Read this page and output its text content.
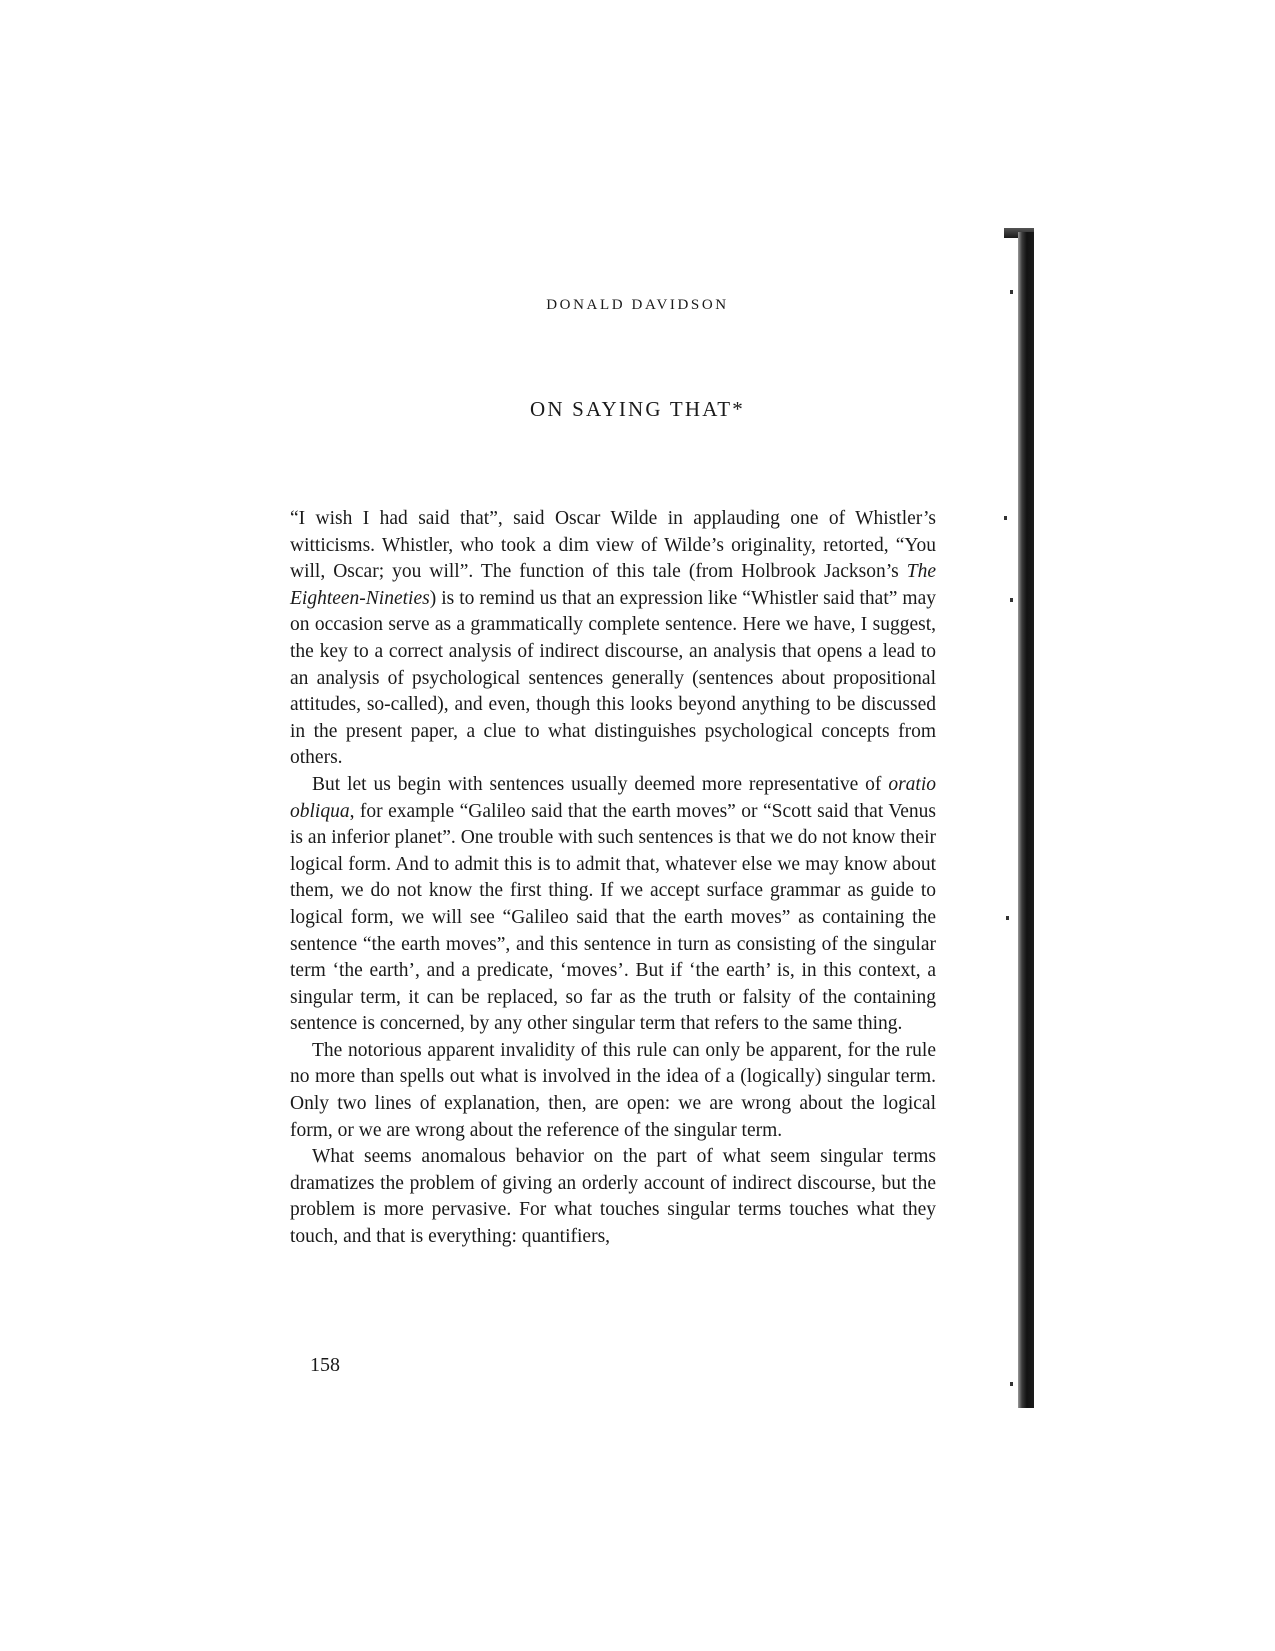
DONALD DAVIDSON
ON SAYING THAT*

“I wish I had said that”, said Oscar Wilde in applauding one of Whistler’s witticisms. Whistler, who took a dim view of Wilde’s originality, retorted, “You will, Oscar; you will”. The function of this tale (from Holbrook Jackson’s The Eighteen-Nineties) is to remind us that an expression like “Whistler said that” may on occasion serve as a grammatically complete sentence. Here we have, I suggest, the key to a correct analysis of indirect discourse, an analysis that opens a lead to an analysis of psychological sentences generally (sentences about propositional attitudes, so-called), and even, though this looks beyond anything to be discussed in the present paper, a clue to what distinguishes psychological concepts from others.

But let us begin with sentences usually deemed more representative of oratio obliqua, for example “Galileo said that the earth moves” or “Scott said that Venus is an inferior planet”. One trouble with such sentences is that we do not know their logical form. And to admit this is to admit that, whatever else we may know about them, we do not know the first thing. If we accept surface grammar as guide to logical form, we will see “Galileo said that the earth moves” as containing the sentence “the earth moves”, and this sentence in turn as consisting of the singular term ‘the earth’, and a predicate, ‘moves’. But if ‘the earth’ is, in this context, a singular term, it can be replaced, so far as the truth or falsity of the containing sentence is concerned, by any other singular term that refers to the same thing.

The notorious apparent invalidity of this rule can only be apparent, for the rule no more than spells out what is involved in the idea of a (logically) singular term. Only two lines of explanation, then, are open: we are wrong about the logical form, or we are wrong about the reference of the singular term.

What seems anomalous behavior on the part of what seem singular terms dramatizes the problem of giving an orderly account of indirect discourse, but the problem is more pervasive. For what touches singular terms touches what they touch, and that is everything: quantifiers,

158
